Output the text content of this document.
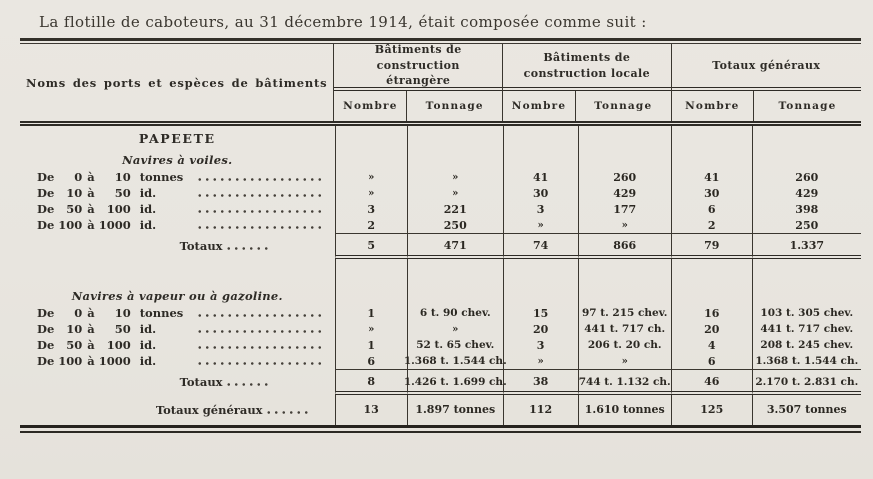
La flotille de caboteurs, au 31 décembre 1914, était composée comme suit :
Noms des ports et espèces de bâtiments
Bâtiments de construction étrangère
Nombre	Tonnage
Bâtiments de construction locale
Nombre	Tonnage
Totaux généraux
Nombre	Tonnage
PAPEETE
Navires à voiles.
De	0 à	10 tonnes	»	»	41	260	41	260
De	10 à	50 id.	»	»	30	429	30	429
De	50 à	100 id.	3	221	3	177	6	398
De 100 à 1000 id.	2	250	»	»	2	250
Totaux	5	471	74	866	79	1.337
Navires à vapeur ou à gazoline.
De	0 à	10 tonnes	1	6 t. 90 chev.	15	97 t. 215 chev.	16	103 t. 305 chev.
De	10 à	50 id.	»	»	20	441 t. 717 ch.	20	441 t. 717 chev.
De	50 à	100 id.	1	52 t. 65 chev.	3	206 t. 20 ch.	4	208 t. 245 chev.
De 100 à 1000 id.	6	1.368 t. 1.544 ch.	»	»	6	1.368 t. 1.544 ch.
Totaux	8	1.426 t. 1.699 ch.	38	744 t. 1.132 ch.	46	2.170 t. 2.831 ch.
Totaux généraux	13	1.897 tonnes	112	1.610 tonnes	125	3.507 tonnes
